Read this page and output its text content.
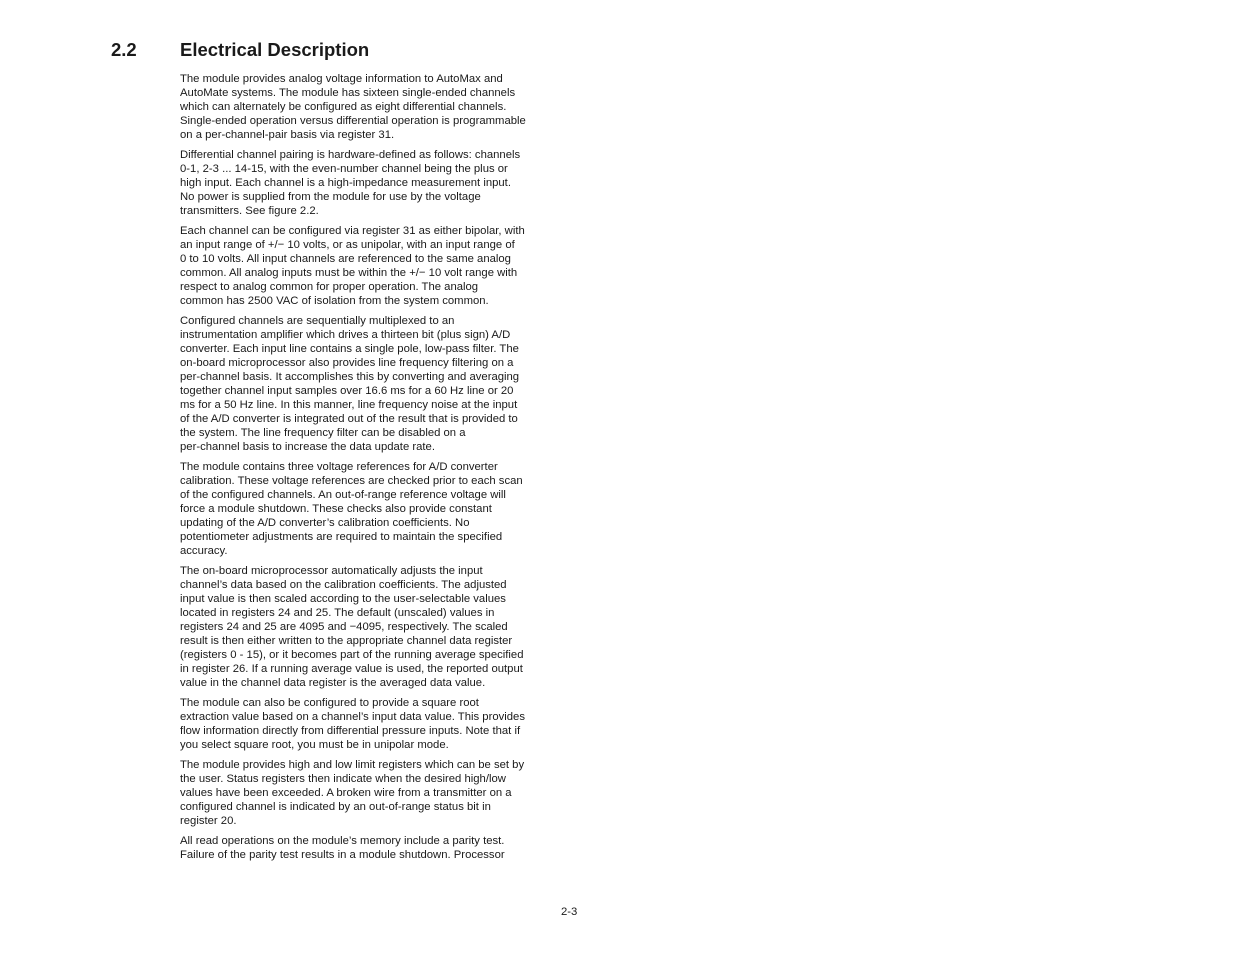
2.2 Electrical Description

The module provides analog voltage information to AutoMax and
AutoMate systems. The module has sixteen single-ended channels
which can alternately be configured as eight differential channels.
Single-ended operation versus differential operation is programmable
on a per-channel-pair basis via register 31.

Differential channel pairing is hardware-defined as follows: channels
0-1, 2-3 ... 14-15, with the even-number channel being the plus or
high input. Each channel is a high-impedance measurement input.
No power is supplied from the module for use by the voltage
transmitters. See figure 2.2.

Each channel can be configured via register 31 as either bipolar, with
an input range of +/− 10 volts, or as unipolar, with an input range of
0 to 10 volts. All input channels are referenced to the same analog
common. All analog inputs must be within the +/− 10 volt range with
respect to analog common for proper operation. The analog
common has 2500 VAC of isolation from the system common.

Configured channels are sequentially multiplexed to an
instrumentation amplifier which drives a thirteen bit (plus sign) A/D
converter. Each input line contains a single pole, low-pass filter. The
on-board microprocessor also provides line frequency filtering on a
per-channel basis. It accomplishes this by converting and averaging
together channel input samples over 16.6 ms for a 60 Hz line or 20
ms for a 50 Hz line. In this manner, line frequency noise at the input
of the A/D converter is integrated out of the result that is provided to
the system. The line frequency filter can be disabled on a
per-channel basis to increase the data update rate.

The module contains three voltage references for A/D converter
calibration. These voltage references are checked prior to each scan
of the configured channels. An out-of-range reference voltage will
force a module shutdown. These checks also provide constant
updating of the A/D converter’s calibration coefficients. No
potentiometer adjustments are required to maintain the specified
accuracy.

The on-board microprocessor automatically adjusts the input
channel’s data based on the calibration coefficients. The adjusted
input value is then scaled according to the user-selectable values
located in registers 24 and 25. The default (unscaled) values in
registers 24 and 25 are 4095 and −4095, respectively. The scaled
result is then either written to the appropriate channel data register
(registers 0 - 15), or it becomes part of the running average specified
in register 26. If a running average value is used, the reported output
value in the channel data register is the averaged data value.

The module can also be configured to provide a square root
extraction value based on a channel’s input data value. This provides
flow information directly from differential pressure inputs. Note that if
you select square root, you must be in unipolar mode.

The module provides high and low limit registers which can be set by
the user. Status registers then indicate when the desired high/low
values have been exceeded. A broken wire from a transmitter on a
configured channel is indicated by an out-of-range status bit in
register 20.

All read operations on the module’s memory include a parity test.
Failure of the parity test results in a module shutdown. Processor

2-3
